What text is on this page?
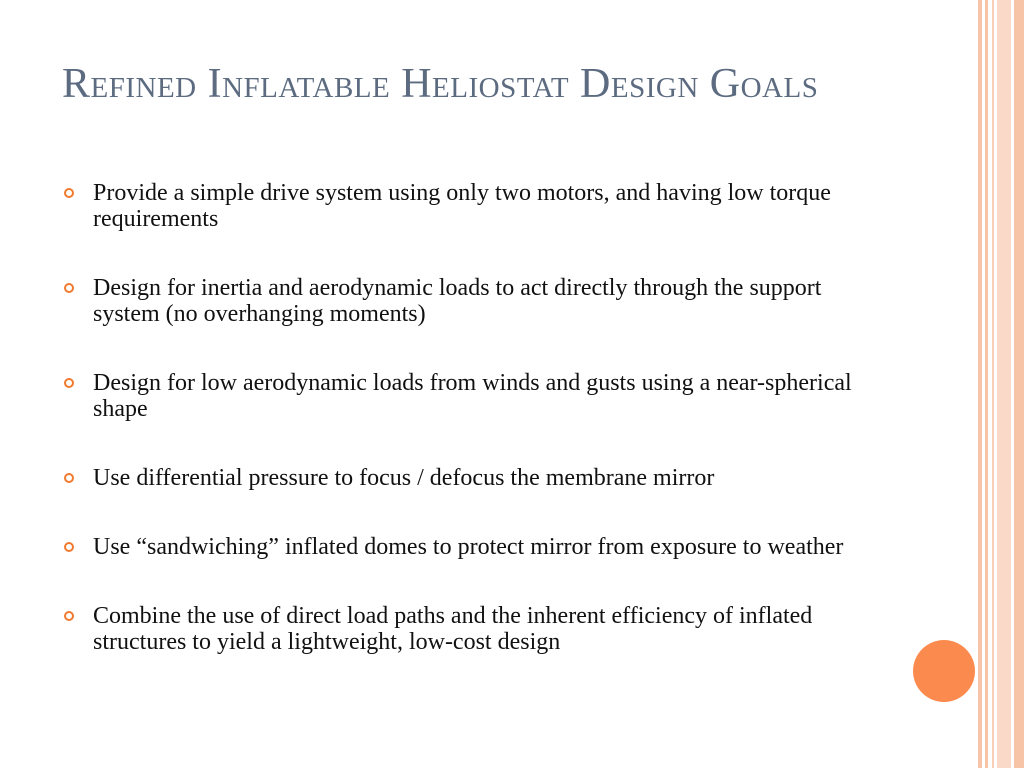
Refined Inflatable Heliostat Design Goals
Provide a simple drive system using only two motors, and having low torque requirements
Design for inertia and aerodynamic loads to act directly through the support system (no overhanging moments)
Design for low aerodynamic loads from winds and gusts using a near-spherical shape
Use differential pressure to focus / defocus the membrane mirror
Use “sandwiching” inflated domes to protect mirror from exposure to weather
Combine the use of direct load paths and the inherent efficiency of inflated structures to yield a lightweight, low-cost design
